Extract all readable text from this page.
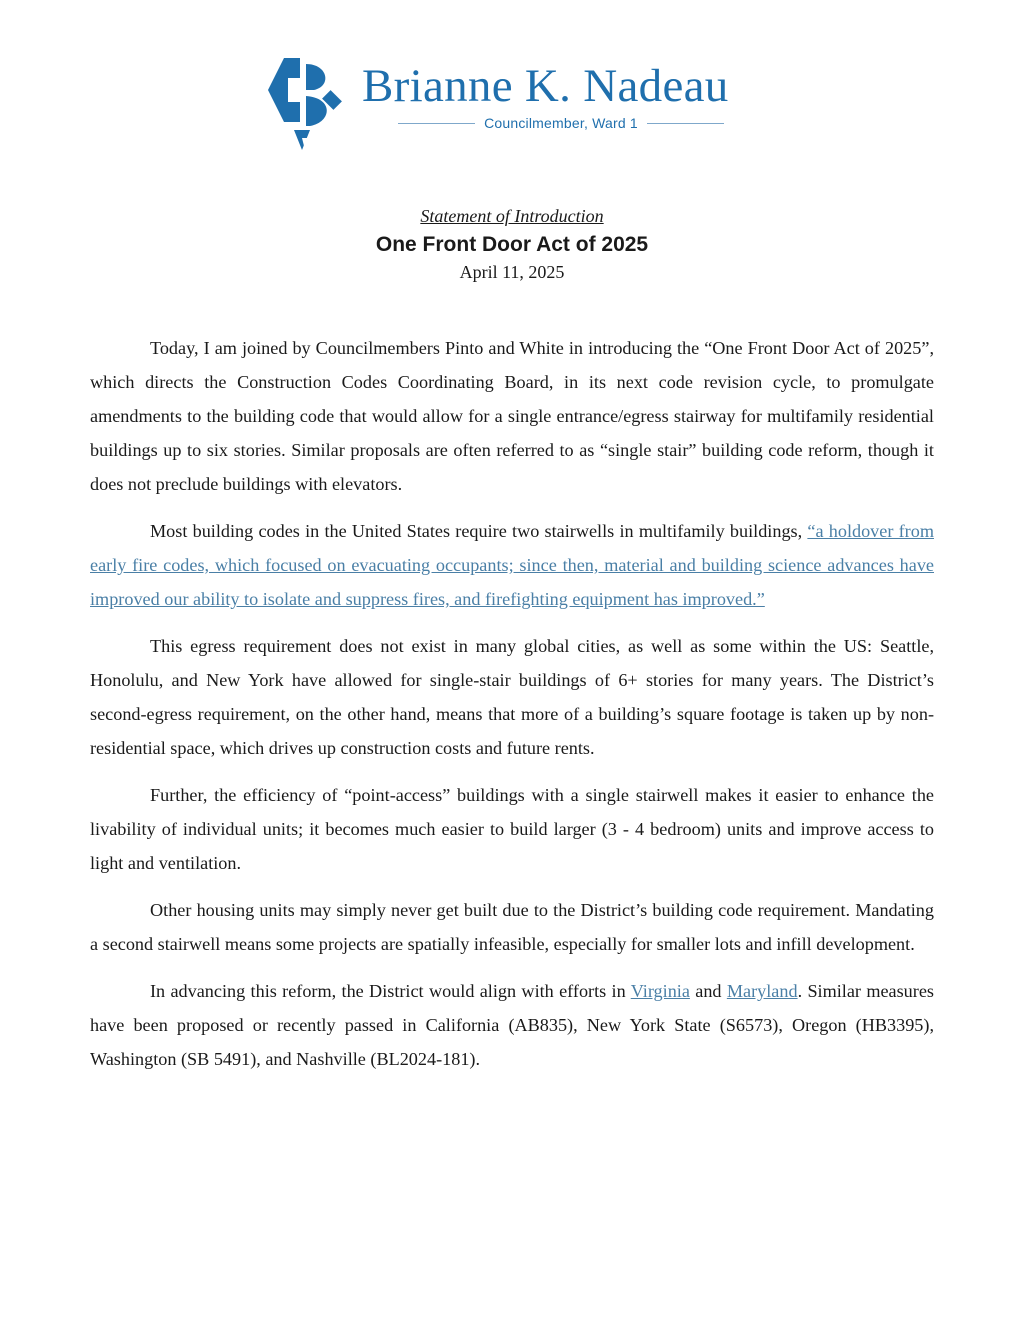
Brianne K. Nadeau
Councilmember, Ward 1
Statement of Introduction
One Front Door Act of 2025
April 11, 2025

Today, I am joined by Councilmembers Pinto and White in introducing the “One Front Door Act of 2025”, which directs the Construction Codes Coordinating Board, in its next code revision cycle, to promulgate amendments to the building code that would allow for a single entrance/egress stairway for multifamily residential buildings up to six stories. Similar proposals are often referred to as “single stair” building code reform, though it does not preclude buildings with elevators.

Most building codes in the United States require two stairwells in multifamily buildings, “a holdover from early fire codes, which focused on evacuating occupants; since then, material and building science advances have improved our ability to isolate and suppress fires, and firefighting equipment has improved.”

This egress requirement does not exist in many global cities, as well as some within the US: Seattle, Honolulu, and New York have allowed for single-stair buildings of 6+ stories for many years. The District’s second-egress requirement, on the other hand, means that more of a building’s square footage is taken up by non-residential space, which drives up construction costs and future rents.

Further, the efficiency of “point-access” buildings with a single stairwell makes it easier to enhance the livability of individual units; it becomes much easier to build larger (3 - 4 bedroom) units and improve access to light and ventilation.

Other housing units may simply never get built due to the District’s building code requirement. Mandating a second stairwell means some projects are spatially infeasible, especially for smaller lots and infill development.

In advancing this reform, the District would align with efforts in Virginia and Maryland. Similar measures have been proposed or recently passed in California (AB835), New York State (S6573), Oregon (HB3395), Washington (SB 5491), and Nashville (BL2024-181).
